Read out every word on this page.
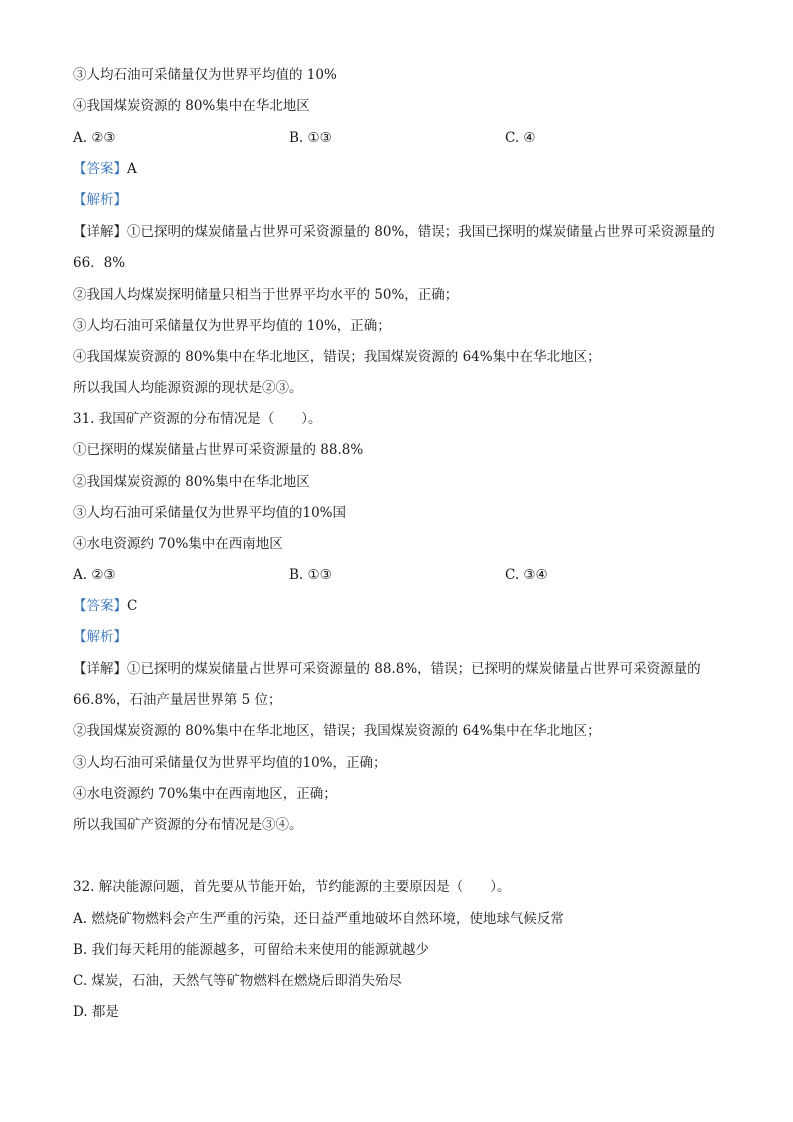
③人均石油可采储量仅为世界平均值的 10%
④我国煤炭资源的 80%集中在华北地区
A. ②③	B. ①③	C. ④
【答案】A
【解析】
【详解】①已探明的煤炭储量占世界可采资源量的 80%，错误；我国已探明的煤炭储量占世界可采资源量的
66．8%
②我国人均煤炭探明储量只相当于世界平均水平的 50%，正确；
③人均石油可采储量仅为世界平均值的 10%，正确；
④我国煤炭资源的 80%集中在华北地区，错误；我国煤炭资源的 64%集中在华北地区；
所以我国人均能源资源的现状是②③。
31. 我国矿产资源的分布情况是（　　）。
①已探明的煤炭储量占世界可采资源量的 88.8%
②我国煤炭资源的 80%集中在华北地区
③人均石油可采储量仅为世界平均值的10%国
④水电资源约 70%集中在西南地区
A. ②③	B. ①③	C. ③④
【答案】C
【解析】
【详解】①已探明的煤炭储量占世界可采资源量的 88.8%，错误；已探明的煤炭储量占世界可采资源量的
66.8%，石油产量居世界第 5 位；
②我国煤炭资源的 80%集中在华北地区，错误；我国煤炭资源的 64%集中在华北地区；
③人均石油可采储量仅为世界平均值的10%，正确；
④水电资源约 70%集中在西南地区，正确；
所以我国矿产资源的分布情况是③④。
32. 解决能源问题，首先要从节能开始，节约能源的主要原因是（　　）。
A. 燃烧矿物燃料会产生严重的污染，还日益严重地破坏自然环境，使地球气候反常
B. 我们每天耗用的能源越多，可留给未来使用的能源就越少
C. 煤炭，石油，天然气等矿物燃料在燃烧后即消失殆尽
D. 都是
